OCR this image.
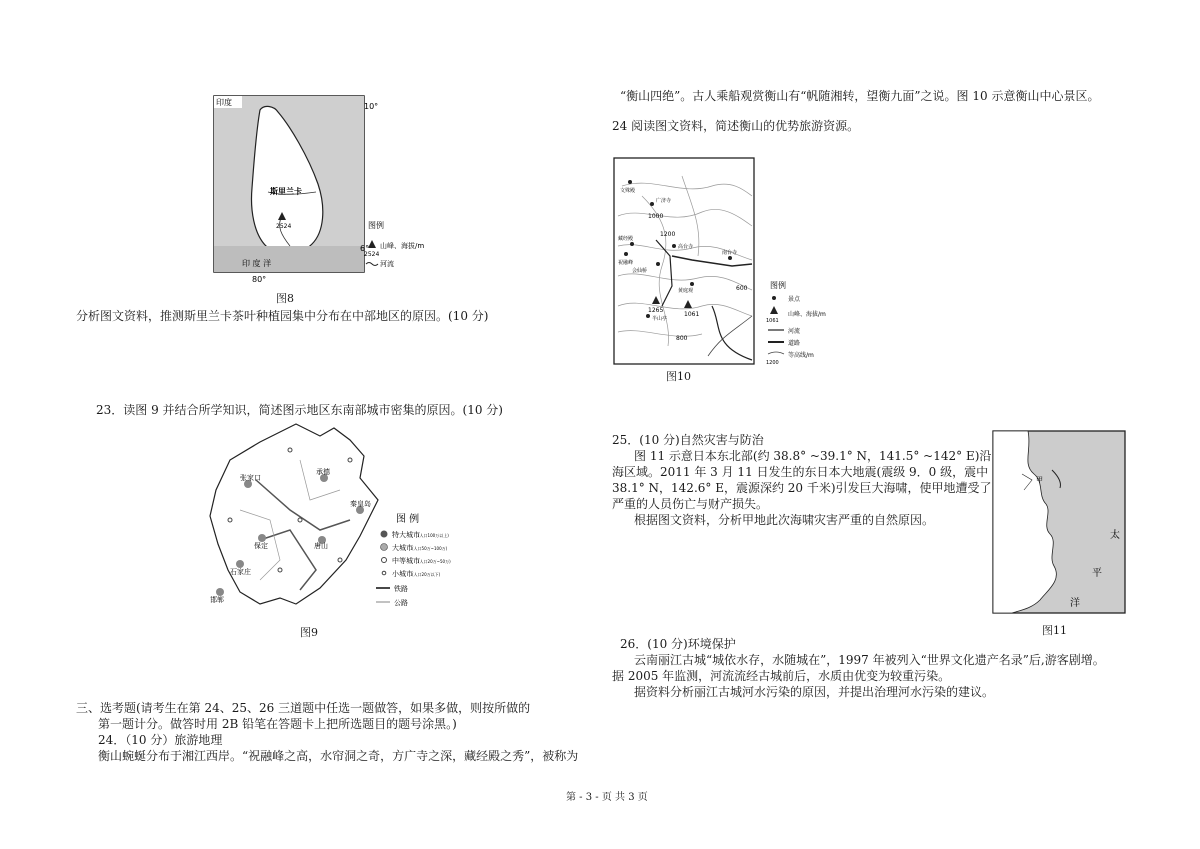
印度	10°
6°
80°
斯里兰卡
2524
印 度 洋
图例
2524
山峰、海拔/m
河流
图8
分析图文资料，推测斯里兰卡茶叶种植园集中分布在中部地区的原因。(10 分)
23．读图 9 并结合所学知识，简述图示地区东南部城市密集的原因。(10 分)
张家口
承德
秦皇岛
唐山
保定
石家庄
邯郸
图 例
特大城市
(人口100万以上)
大城市 (人口50万~100万)
中等城市
(人口20万~50万)
小城市 (人口20万以下)
铁路
公路
图9
三、选考题(请考生在第 24、25、26 三道题中任选一题做答，如果多做，则按所做的
第一题计分。做答时用 2B 铅笔在答题卡上把所选题目的题号涂黑。)
24．（10 分）旅游地理
衡山蜿蜒分布于湘江西岸。“祝融峰之高，水帘洞之奇，方广寺之深，藏经殿之秀”，被称为
“衡山四绝”。古人乘船观赏衡山有“帆随湘转，望衡九面”之说。图 10 示意衡山中心景区。
24 阅读图文资料，简述衡山的优势旅游资源。
文殊殿
广济寺
高台寺
藏经殿
祝融峰
会仙桥
南台寺
黄庭观
半山亭
1000
1200
800
600
1265
1061
图例
景点
1061
山峰、海拔/m
河流
道路
1200
等高线/m
图10
25．(10 分)自然灾害与防治
图 11 示意日本东北部(约 38.8° ~39.1° N，141.5° ~142° E)沿
海区域。2011 年 3 月 11 日发生的东日本大地震(震级 9．0 级，震中
38.1° N，142.6° E，震源深约 20 千米)引发巨大海啸，使甲地遭受了
严重的人员伤亡与财产损失。
根据图文资料，分析甲地此次海啸灾害严重的自然原因。
甲
太
平
洋
图11
26．(10 分)环境保护
云南丽江古城“城依水存，水随城在”，1997 年被列入“世界文化遗产名录”后,游客剧增。
据 2005 年监测，河流流经古城前后，水质由优变为较重污染。
据资料分析丽江古城河水污染的原因，并提出治理河水污染的建议。
第 - 3 - 页 共 3 页
